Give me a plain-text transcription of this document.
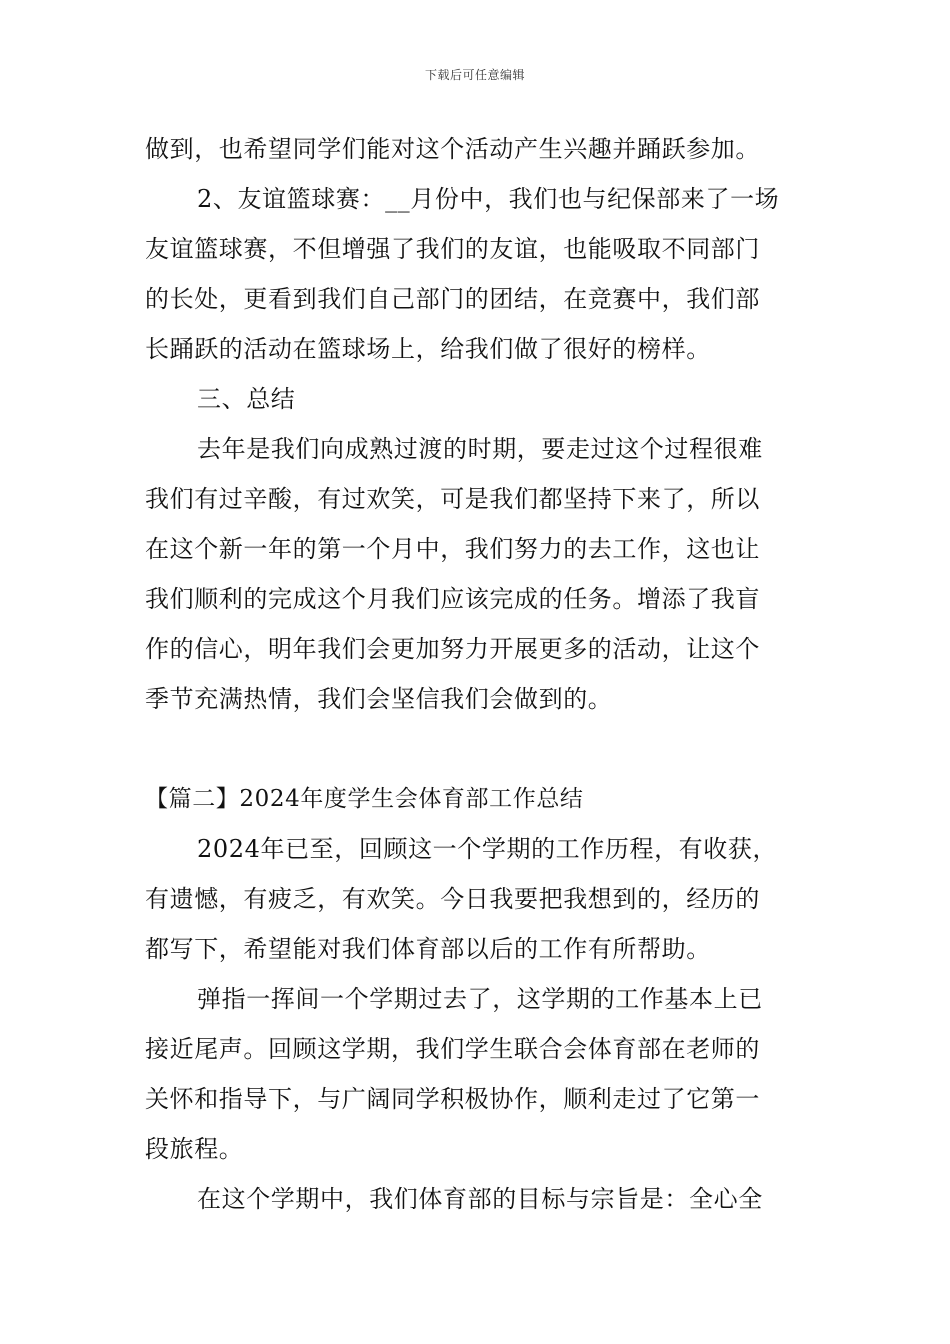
下载后可任意编辑
做到，也希望同学们能对这个活动产生兴趣并踊跃参加。
2、友谊篮球赛：__月份中，我们也与纪保部来了一场
友谊篮球赛，不但增强了我们的友谊，也能吸取不同部门
的长处，更看到我们自己部门的团结，在竞赛中，我们部
长踊跃的活动在篮球场上，给我们做了很好的榜样。
三、总结
去年是我们向成熟过渡的时期，要走过这个过程很难
我们有过辛酸，有过欢笑，可是我们都坚持下来了，所以
在这个新一年的第一个月中，我们努力的去工作，这也让
我们顺利的完成这个月我们应该完成的任务。增添了我盲
作的信心，明年我们会更加努力开展更多的活动，让这个
季节充满热情，我们会坚信我们会做到的。
【篇二】2024年度学生会体育部工作总结
2024年已至，回顾这一个学期的工作历程，有收获，
有遗憾，有疲乏，有欢笑。今日我要把我想到的，经历的
都写下，希望能对我们体育部以后的工作有所帮助。
弹指一挥间一个学期过去了，这学期的工作基本上已
接近尾声。回顾这学期，我们学生联合会体育部在老师的
关怀和指导下，与广阔同学积极协作，顺利走过了它第一
段旅程。
在这个学期中，我们体育部的目标与宗旨是：全心全
